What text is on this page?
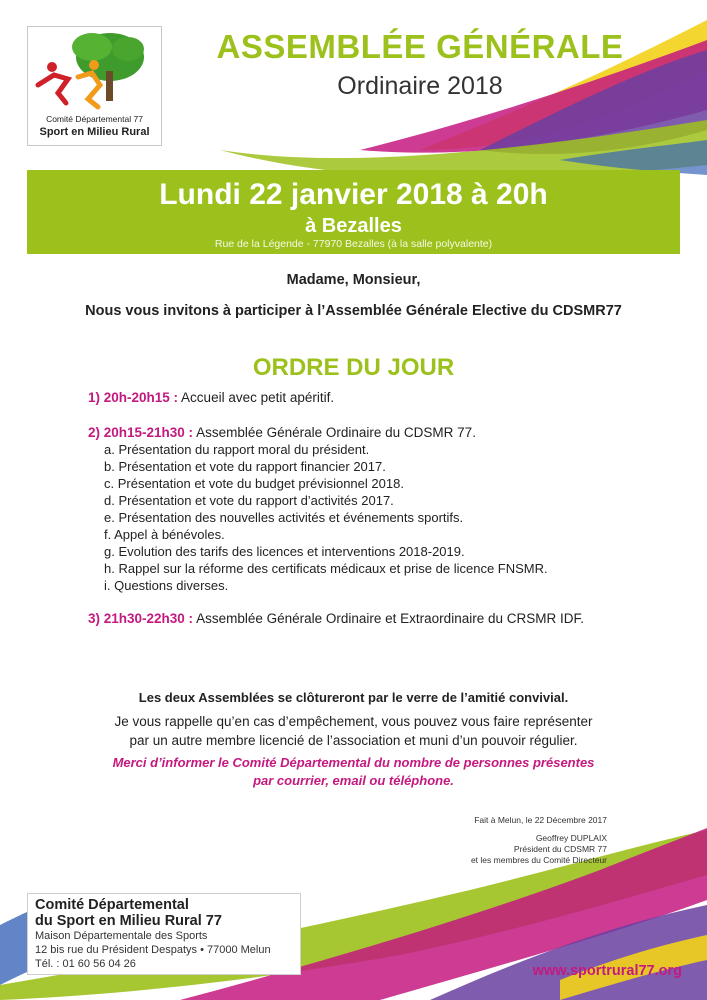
Comité Départemental 77
Sport en Milieu Rural
ASSEMBLÉE GÉNÉRALE
Ordinaire 2018
Lundi 22 janvier 2018 à 20h
à Bezalles
Rue de la Légende - 77970 Bezalles (à la salle polyvalente)
Madame, Monsieur,
Nous vous invitons à participer à l’Assemblée Générale Elective du CDSMR77
ORDRE DU JOUR
1) 20h-20h15 : Accueil avec petit apéritif.
2) 20h15-21h30 : Assemblée Générale Ordinaire du CDSMR 77.
a. Présentation du rapport moral du président.
b. Présentation et vote du rapport financier 2017.
c. Présentation et vote du budget prévisionnel 2018.
d. Présentation et vote du rapport d’activités 2017.
e. Présentation des nouvelles activités et événements sportifs.
f. Appel à bénévoles.
g. Evolution des tarifs des licences et interventions 2018-2019.
h. Rappel sur la réforme des certificats médicaux et prise de licence FNSMR.
i. Questions diverses.
3) 21h30-22h30 : Assemblée Générale Ordinaire et Extraordinaire du CRSMR IDF.
Les deux Assemblées se clôtureront par le verre de l’amitié convivial.
Je vous rappelle qu’en cas d’empêchement, vous pouvez vous faire représenter
par un autre membre licencié de l’association et muni d’un pouvoir régulier.
Merci d’informer le Comité Départemental du nombre de personnes présentes
par courrier, email ou téléphone.
Fait à Melun, le 22 Décembre 2017
Geoffrey DUPLAIX
Président du CDSMR 77
et les membres du Comité Directeur
Comité Départemental
du Sport en Milieu Rural 77
Maison Départementale des Sports
12 bis rue du Président Despatys • 77000 Melun
Tél. : 01 60 56 04 26	www.sportrural77.org
